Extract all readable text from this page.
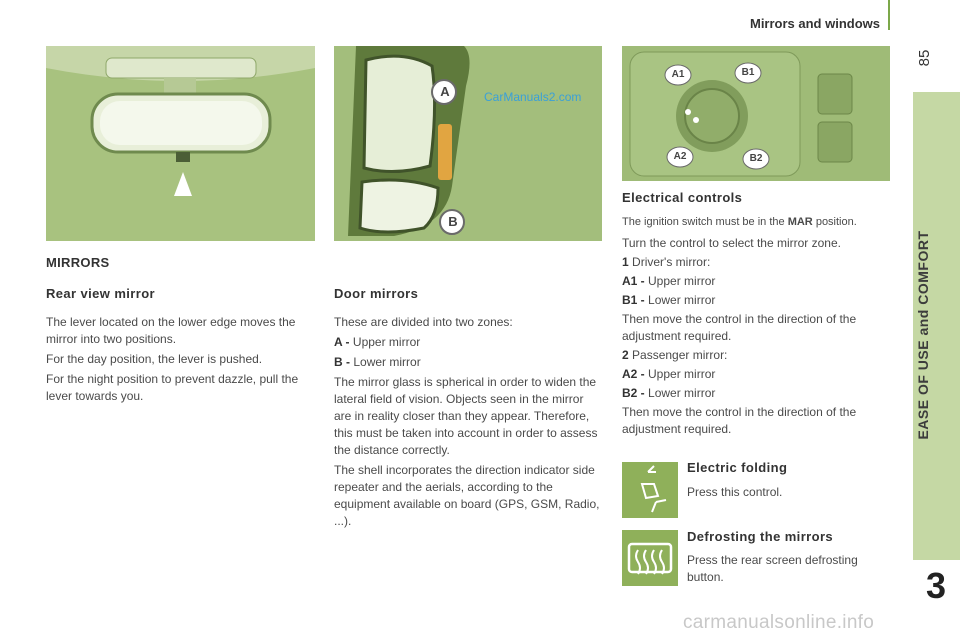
Mirrors and windows
85
EASE OF USE and COMFORT
3
A
B
CarManuals2.com
A1	B1
A2	B2
MIRRORS
Rear view mirror

The lever located on the lower edge moves the mirror into two positions.

For the day position, the lever is pushed.

For the night position to prevent dazzle, pull the lever towards you.

Door mirrors

These are divided into two zones:

A - Upper mirror

B - Lower mirror

The mirror glass is spherical in order to widen the lateral field of vision. Objects seen in the mirror are in reality closer than they appear. Therefore, this must be taken into account in order to assess the distance correctly.

The shell incorporates the direction indicator side repeater and the aerials, according to the equipment available on board (GPS, GSM, Radio, ...).

Electrical controls

The ignition switch must be in the MAR position.

Turn the control to select the mirror zone.

1 Driver's mirror:

A1 - Upper mirror

B1 - Lower mirror

Then move the control in the direction of the adjustment required.

2 Passenger mirror:

A2 - Upper mirror

B2 - Lower mirror

Then move the control in the direction of the adjustment required.

Electric folding
Press this control.
Defrosting the mirrors
Press the rear screen defrosting button.
carmanualsonline.info
